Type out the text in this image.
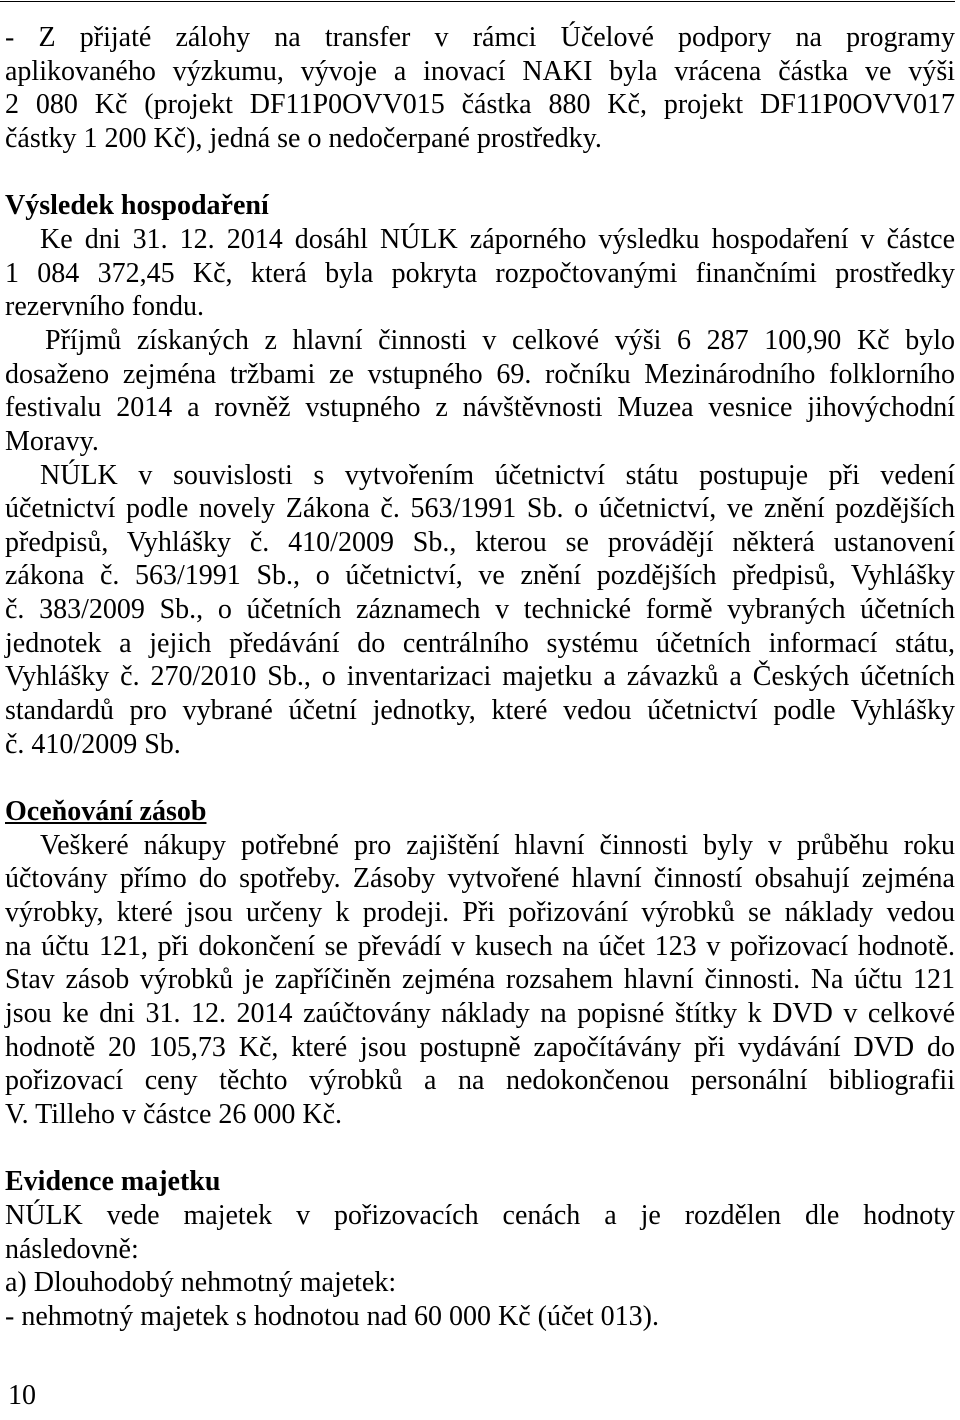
- Z přijaté zálohy na transfer v rámci Účelové podpory na programy
aplikovaného výzkumu, vývoje a inovací NAKI byla vrácena částka ve výši
2 080 Kč (projekt DF11P0OVV015 částka 880 Kč, projekt DF11P0OVV017
částky 1 200 Kč), jedná se o nedočerpané prostředky.
Výsledek hospodaření
Ke dni 31. 12. 2014 dosáhl NÚLK záporného výsledku hospodaření v částce
1 084 372,45 Kč, která byla pokryta rozpočtovanými finančními prostředky
rezervního fondu.
Příjmů získaných z hlavní činnosti v celkové výši 6 287 100,90 Kč bylo
dosaženo zejména tržbami ze vstupného 69. ročníku Mezinárodního folklorního
festivalu 2014 a rovněž vstupného z návštěvnosti Muzea vesnice jihovýchodní
Moravy.
NÚLK v souvislosti s vytvořením účetnictví státu postupuje při vedení
účetnictví podle novely Zákona č. 563/1991 Sb. o účetnictví, ve znění pozdějších
předpisů, Vyhlášky č. 410/2009 Sb., kterou se provádějí některá ustanovení
zákona č. 563/1991 Sb., o účetnictví, ve znění pozdějších předpisů, Vyhlášky
č. 383/2009 Sb., o účetních záznamech v technické formě vybraných účetních
jednotek a jejich předávání do centrálního systému účetních informací státu,
Vyhlášky č. 270/2010 Sb., o inventarizaci majetku a závazků a Českých účetních
standardů pro vybrané účetní jednotky, které vedou účetnictví podle Vyhlášky
č. 410/2009 Sb.
Oceňování zásob
Veškeré nákupy potřebné pro zajištění hlavní činnosti byly v průběhu roku
účtovány přímo do spotřeby. Zásoby vytvořené hlavní činností obsahují zejména
výrobky, které jsou určeny k prodeji. Při pořizování výrobků se náklady vedou
na účtu 121, při dokončení se převádí v kusech na účet 123 v pořizovací hodnotě.
Stav zásob výrobků je zapříčiněn zejména rozsahem hlavní činnosti. Na účtu 121
jsou ke dni 31. 12. 2014 zaúčtovány náklady na popisné štítky k DVD v celkové
hodnotě 20 105,73 Kč, které jsou postupně započítávány při vydávání DVD do
pořizovací ceny těchto výrobků a na nedokončenou personální bibliografii
V. Tilleho v částce 26 000 Kč.
Evidence majetku
NÚLK vede majetek v pořizovacích cenách a je rozdělen dle hodnoty
následovně:
a) Dlouhodobý nehmotný majetek:
- nehmotný majetek s hodnotou nad 60 000 Kč (účet 013).
10
